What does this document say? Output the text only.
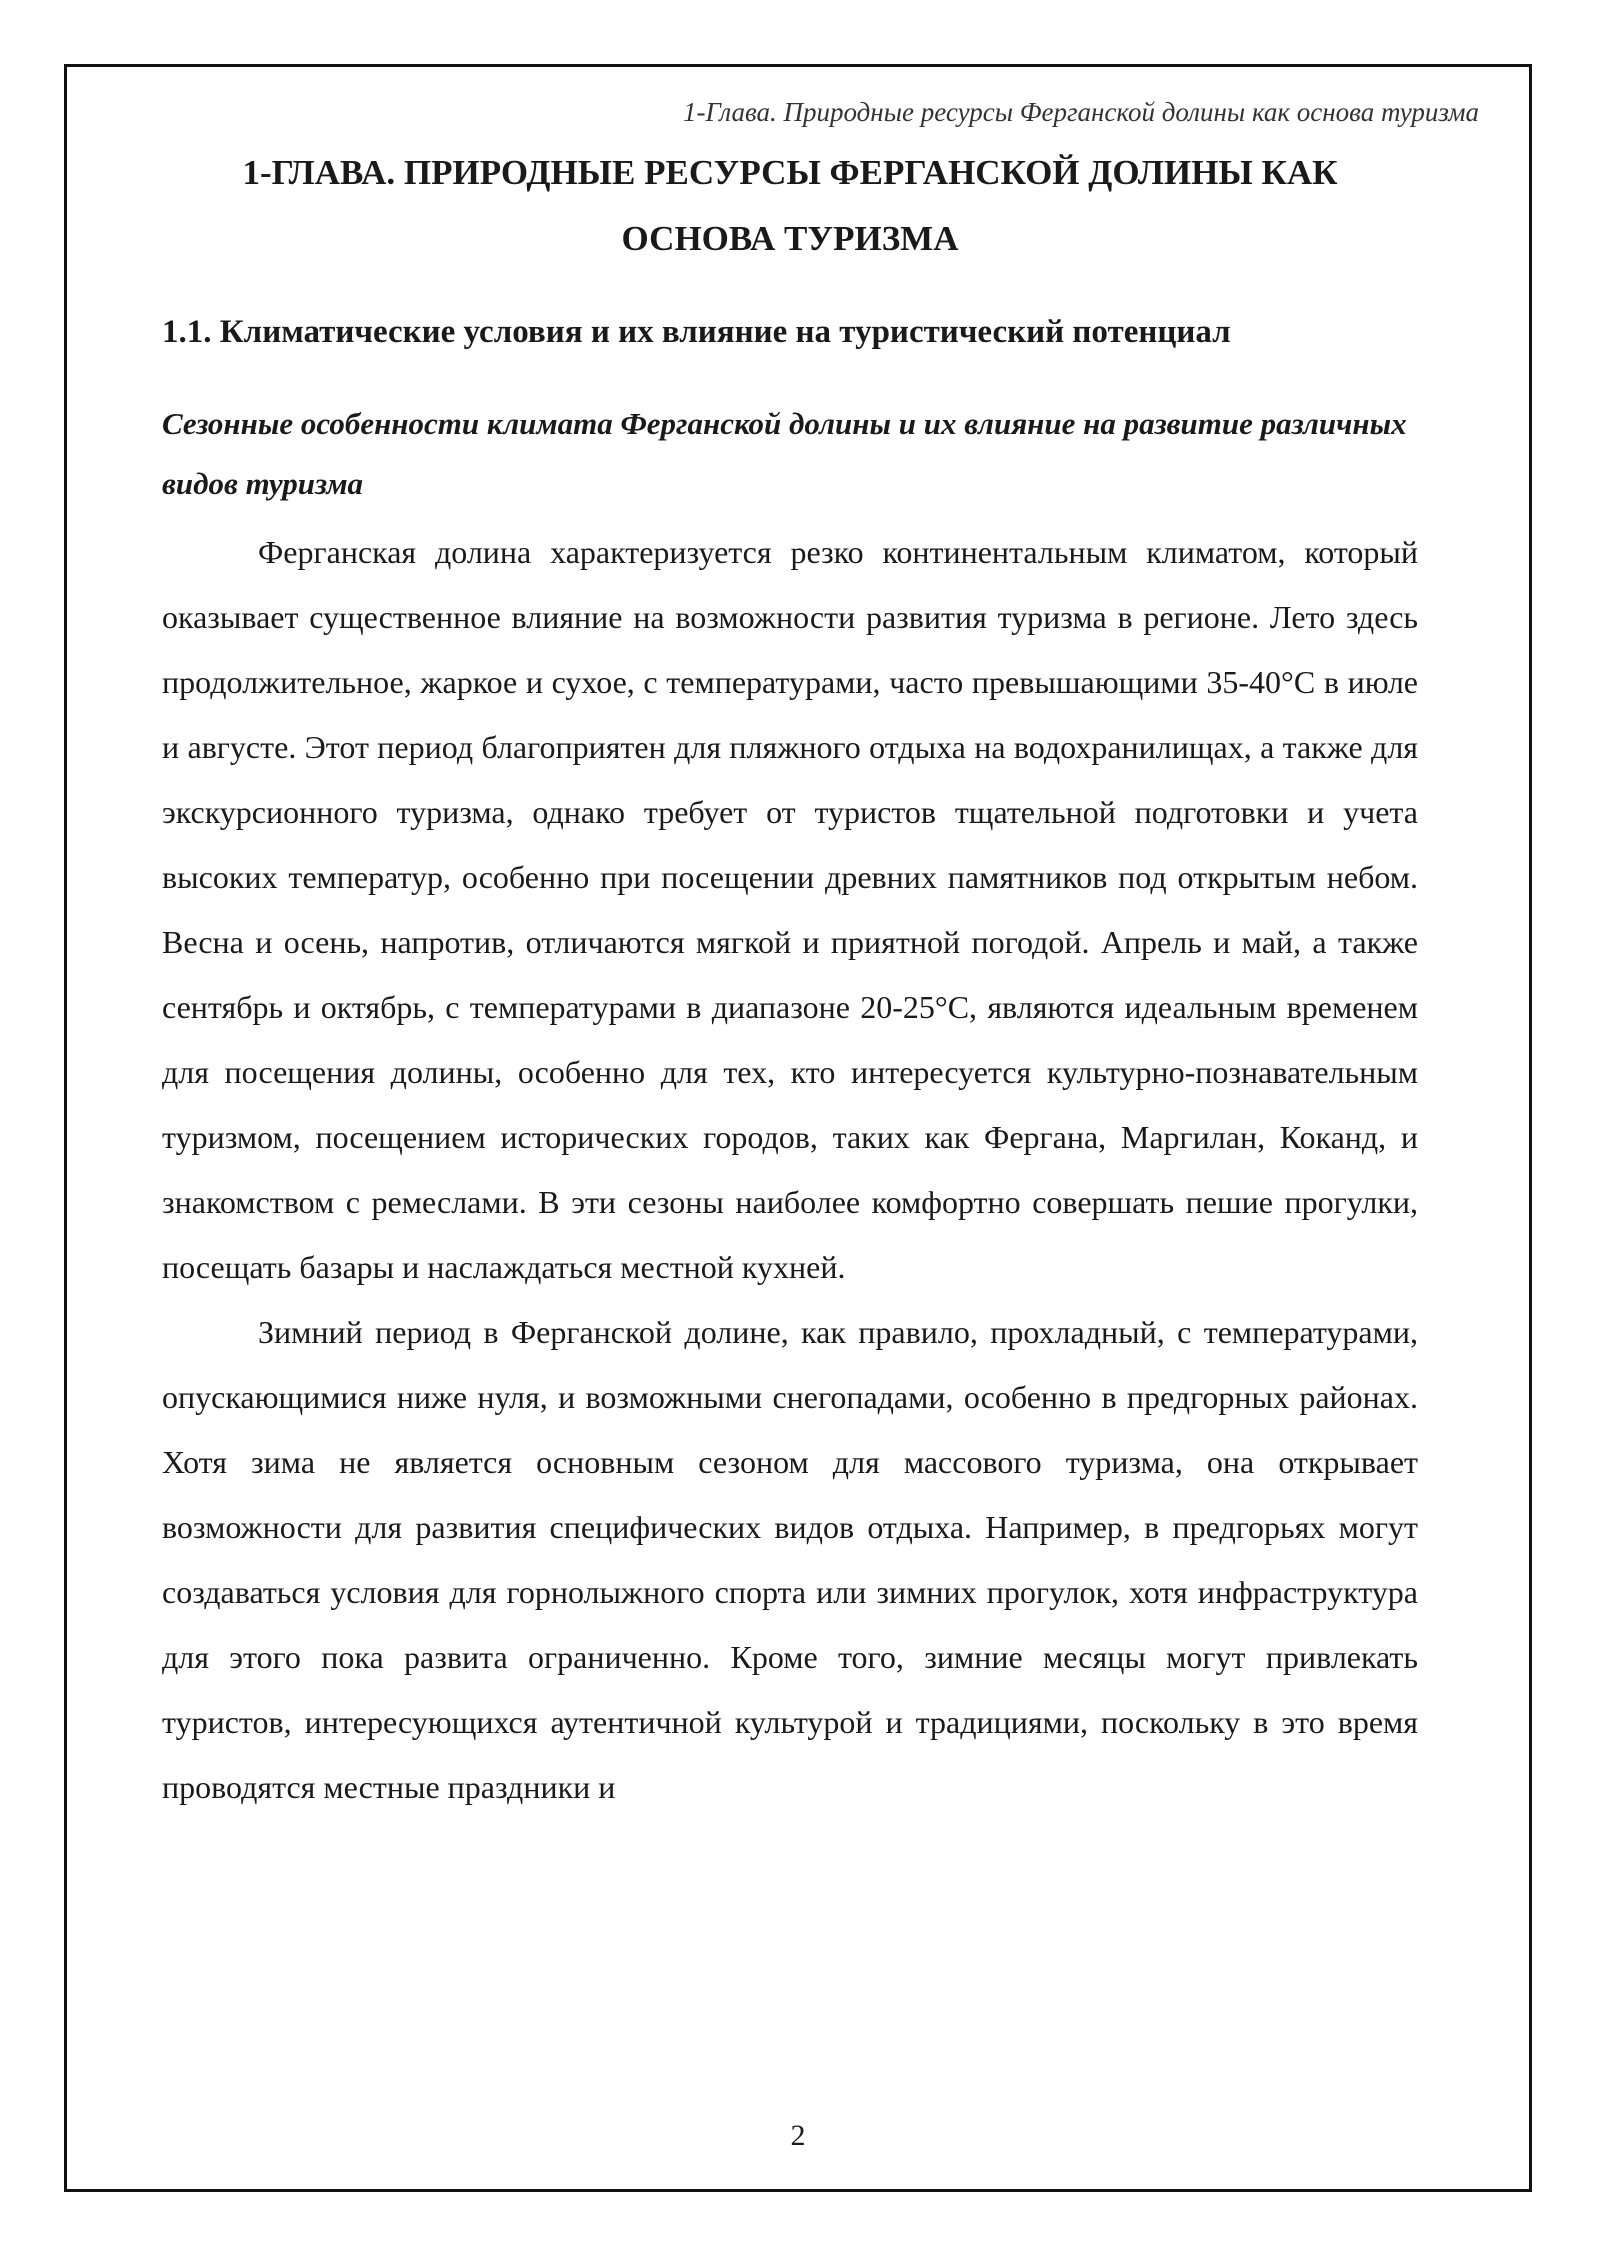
1-Глава. Природные ресурсы Ферганской долины как основа туризма
2
1-ГЛАВА. ПРИРОДНЫЕ РЕСУРСЫ ФЕРГАНСКОЙ ДОЛИНЫ КАК ОСНОВА ТУРИЗМА
1.1. Климатические условия и их влияние на туристический потенциал
Сезонные особенности климата Ферганской долины и их влияние на развитие различных видов туризма

Ферганская долина характеризуется резко континентальным климатом, который оказывает существенное влияние на возможности развития туризма в регионе. Лето здесь продолжительное, жаркое и сухое, с температурами, часто превышающими 35-40°C в июле и августе. Этот период благоприятен для пляжного отдыха на водохранилищах, а также для экскурсионного туризма, однако требует от туристов тщательной подготовки и учета высоких температур, особенно при посещении древних памятников под открытым небом. Весна и осень, напротив, отличаются мягкой и приятной погодой. Апрель и май, а также сентябрь и октябрь, с температурами в диапазоне 20-25°C, являются идеальным временем для посещения долины, особенно для тех, кто интересуется культурно-познавательным туризмом, посещением исторических городов, таких как Фергана, Маргилан, Коканд, и знакомством с ремеслами. В эти сезоны наиболее комфортно совершать пешие прогулки, посещать базары и наслаждаться местной кухней.

Зимний период в Ферганской долине, как правило, прохладный, с температурами, опускающимися ниже нуля, и возможными снегопадами, особенно в предгорных районах. Хотя зима не является основным сезоном для массового туризма, она открывает возможности для развития специфических видов отдыха. Например, в предгорьях могут создаваться условия для горнолыжного спорта или зимних прогулок, хотя инфраструктура для этого пока развита ограниченно. Кроме того, зимние месяцы могут привлекать туристов, интересующихся аутентичной культурой и традициями, поскольку в это время проводятся местные праздники и
